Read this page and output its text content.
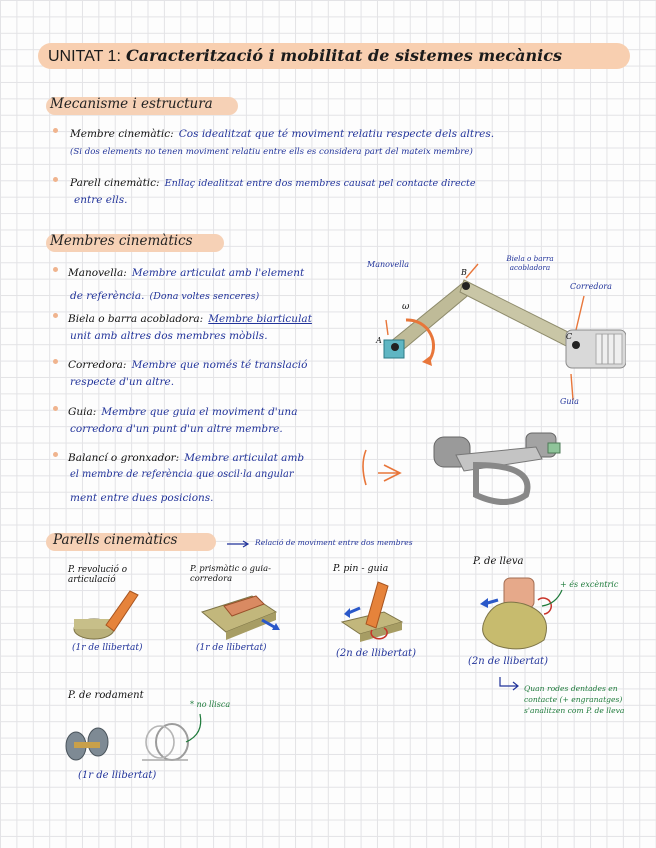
UNITAT 1: Caracterització i mobilitat de sistemes mecànics
Mecanisme i estructura
Membre cinemàtic: Cos idealitzat que té moviment relatiu respecte dels altres.
(Si dos elements no tenen moviment relatiu entre ells es considera part del mateix membre)
Parell cinemàtic: Enllaç idealitzat entre dos membres causat pel contacte directe
entre ells.
Membres cinemàtics
Manovella: Membre articulat amb l'element
de referència. (Dona voltes senceres)
Biela o barra acobladora: Membre biarticulat
unit amb altres dos membres mòbils.
Corredora: Membre que només té translació
respecte d'un altre.
Guia: Membre que guia el moviment d'una
corredora d'un punt d'un altre membre.
Balancí o gronxador: Membre articulat amb
el membre de referència que oscil·la angular
ment entre dues posicions.
Manovella
Biela o barra acobladora
Corredora
Guia
A
B
C
ω
Parells cinemàtics	Relació de moviment entre dos membres
P. revolució o articulació
(1r de llibertat)
P. prismàtic o guia-corredora
(1r de llibertat)
P. pin - guia
(2n de llibertat)
P. de lleva
+ és excèntric
(2n de llibertat)
Quan rodes dentades en contacte (+ engranatges) s'analitzen com P. de lleva
P. de rodament
* no llisca
(1r de llibertat)
